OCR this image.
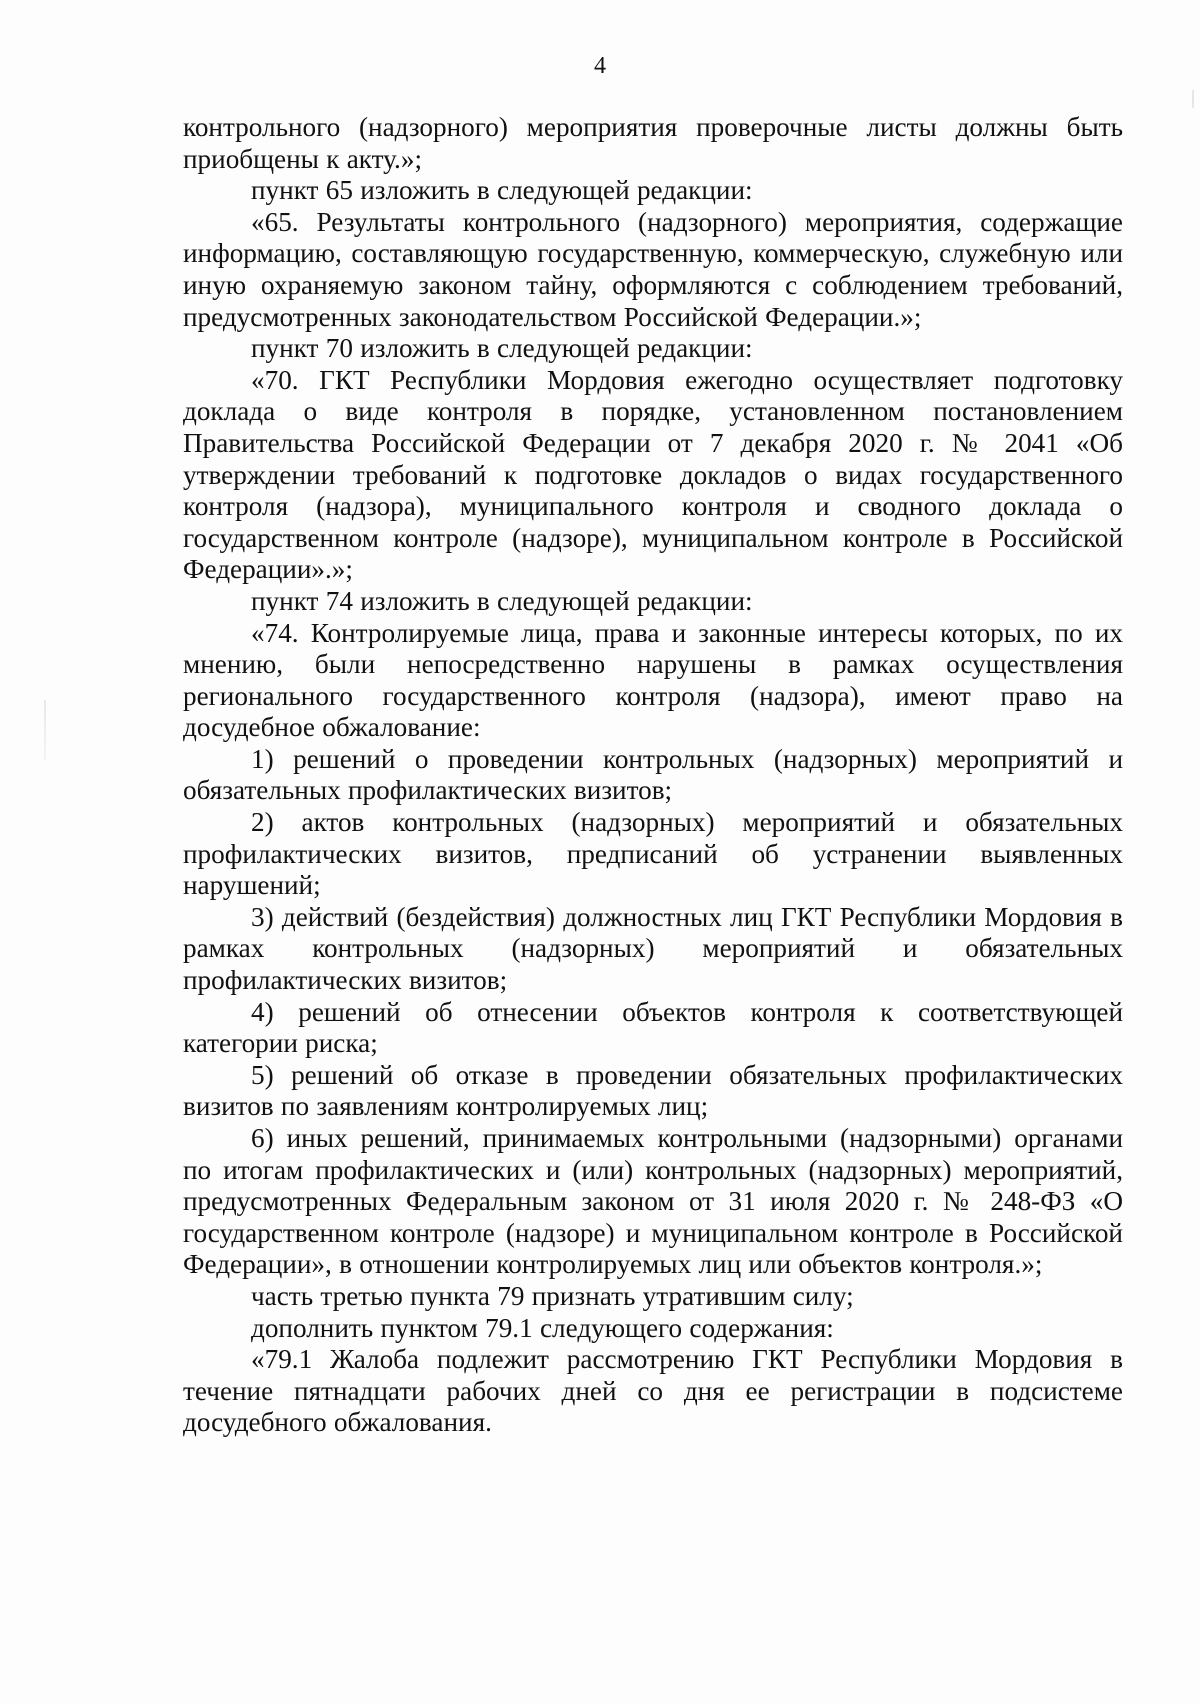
4

контрольного (надзорного) мероприятия проверочные листы должны быть приобщены к акту.»;

пункт 65 изложить в следующей редакции:

«65. Результаты контрольного (надзорного) мероприятия, содержащие информацию, составляющую государственную, коммерческую, служебную или иную охраняемую законом тайну, оформляются с соблюдением требований, предусмотренных законодательством Российской Федерации.»;

пункт 70 изложить в следующей редакции:

«70. ГКТ Республики Мордовия ежегодно осуществляет подготовку доклада о виде контроля в порядке, установленном постановлением Правительства Российской Федерации от 7 декабря 2020 г. № 2041 «Об утверждении требований к подготовке докладов о видах государственного контроля (надзора), муниципального контроля и сводного доклада о государственном контроле (надзоре), муниципальном контроле в Российской Федерации».»;

пункт 74 изложить в следующей редакции:

«74. Контролируемые лица, права и законные интересы которых, по их мнению, были непосредственно нарушены в рамках осуществления регионального государственного контроля (надзора), имеют право на досудебное обжалование:

1) решений о проведении контрольных (надзорных) мероприятий и обязательных профилактических визитов;

2) актов контрольных (надзорных) мероприятий и обязательных профилактических визитов, предписаний об устранении выявленных нарушений;

3) действий (бездействия) должностных лиц ГКТ Республики Мордовия в рамках контрольных (надзорных) мероприятий и обязательных профилактических визитов;

4) решений об отнесении объектов контроля к соответствующей категории риска;

5) решений об отказе в проведении обязательных профилактических визитов по заявлениям контролируемых лиц;

6) иных решений, принимаемых контрольными (надзорными) органами по итогам профилактических и (или) контрольных (надзорных) мероприятий, предусмотренных Федеральным законом от 31 июля 2020 г. № 248-ФЗ «О государственном контроле (надзоре) и муниципальном контроле в Российской Федерации», в отношении контролируемых лиц или объектов контроля.»;

часть третью пункта 79 признать утратившим силу;

дополнить пунктом 79.1 следующего содержания:

«79.1 Жалоба подлежит рассмотрению ГКТ Республики Мордовия в течение пятнадцати рабочих дней со дня ее регистрации в подсистеме досудебного обжалования.
